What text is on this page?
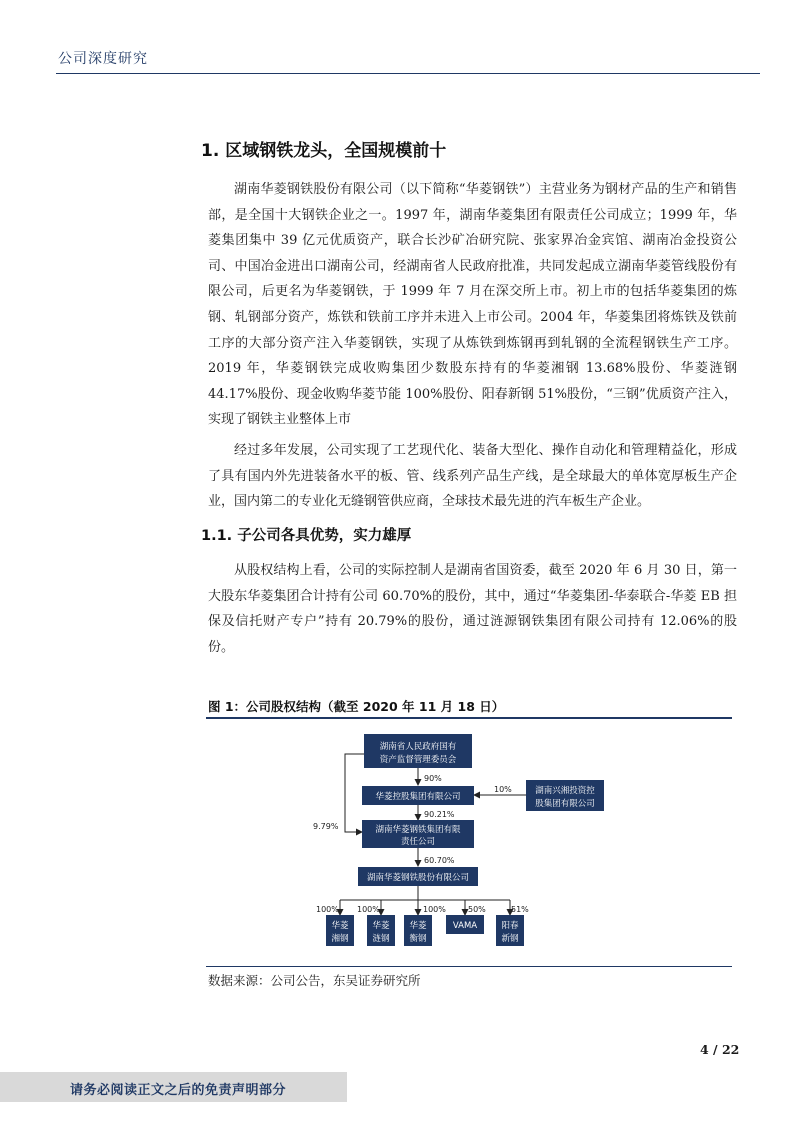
公司深度研究
1. 区域钢铁龙头，全国规模前十

湖南华菱钢铁股份有限公司（以下简称“华菱钢铁”）主营业务为钢材产品的生产和销售部，是全国十大钢铁企业之一。1997 年，湖南华菱集团有限责任公司成立；1999 年，华菱集团集中 39 亿元优质资产，联合长沙矿冶研究院、张家界冶金宾馆、湖南冶金投资公司、中国冶金进出口湖南公司，经湖南省人民政府批准，共同发起成立湖南华菱管线股份有限公司，后更名为华菱钢铁，于 1999 年 7 月在深交所上市。初上市的包括华菱集团的炼钢、轧钢部分资产，炼铁和铁前工序并未进入上市公司。2004 年，华菱集团将炼铁及铁前工序的大部分资产注入华菱钢铁，实现了从炼铁到炼钢再到轧钢的全流程钢铁生产工序。2019 年，华菱钢铁完成收购集团少数股东持有的华菱湘钢 13.68%股份、华菱涟钢 44.17%股份、现金收购华菱节能 100%股份、阳春新钢 51%股份，“三钢”优质资产注入，实现了钢铁主业整体上市

经过多年发展，公司实现了工艺现代化、装备大型化、操作自动化和管理精益化，形成了具有国内外先进装备水平的板、管、线系列产品生产线，是全球最大的单体宽厚板生产企业，国内第二的专业化无缝钢管供应商，全球技术最先进的汽车板生产企业。

1.1. 子公司各具优势，实力雄厚

从股权结构上看，公司的实际控制人是湖南省国资委，截至 2020 年 6 月 30 日，第一大股东华菱集团合计持有公司 60.70%的股份，其中，通过“华菱集团-华泰联合-华菱 EB 担保及信托财产专户”持有 20.79%的股份，通过涟源钢铁集团有限公司持有 12.06%的股份。

图 1：公司股权结构（截至 2020 年 11 月 18 日）
湖南省人民政府国有
资产监督管理委员会
华菱控股集团有限公司
湖南兴湘投资控
股集团有限公司
湖南华菱钢铁集团有限
责任公司
湖南华菱钢铁股份有限公司
90%
10%
90.21%
9.79%
60.70%
华菱
湘钢
100%
华菱
涟钢
100%
华菱
衡钢
100%
VAMA
50%
阳春
新钢
51%
数据来源：公司公告，东吴证券研究所
4 / 22
请务必阅读正文之后的免责声明部分
